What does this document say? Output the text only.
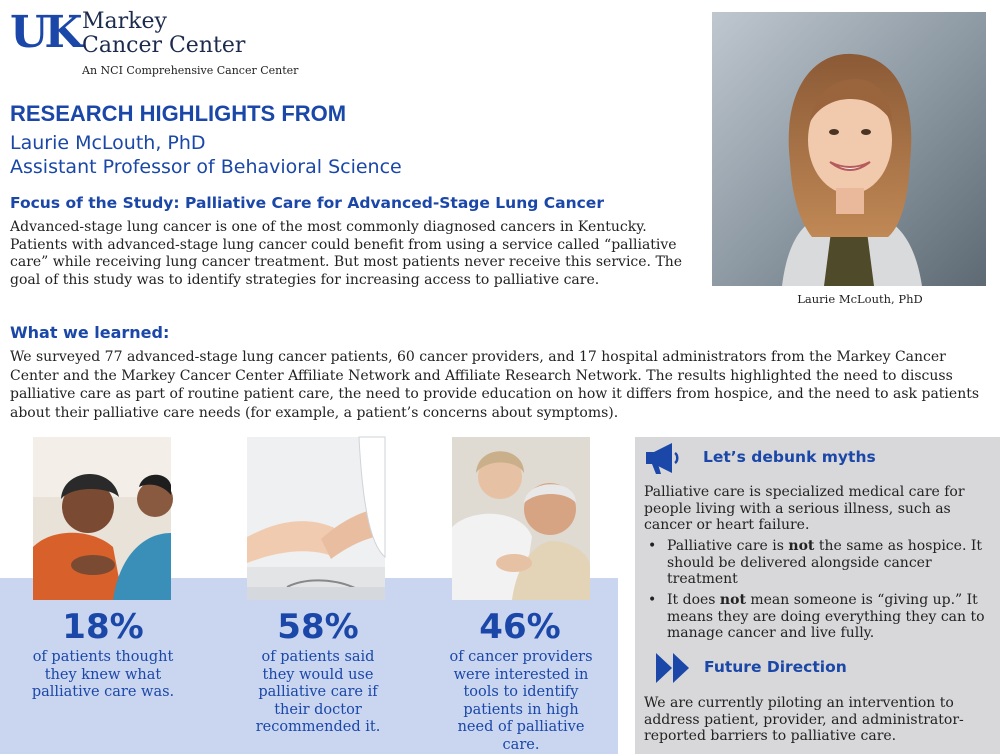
UK Markey
Cancer Center
An NCI Comprehensive Cancer Center
RESEARCH HIGHLIGHTS FROM
Laurie McLouth, PhD
Assistant Professor of Behavioral Science
Focus of the Study: Palliative Care for Advanced-Stage Lung Cancer
Advanced-stage lung cancer is one of the most commonly diagnosed cancers in Kentucky. Patients with advanced-stage lung cancer could benefit from using a service called “palliative care” while receiving lung cancer treatment. But most patients never receive this service. The goal of this study was to identify strategies for increasing access to palliative care.
What we learned:
We surveyed 77 advanced-stage lung cancer patients, 60 cancer providers, and 17 hospital administrators from the Markey Cancer Center and the Markey Cancer Center Affiliate Network and Affiliate Research Network. The results highlighted the need to discuss palliative care as part of routine patient care, the need to provide education on how it differs from hospice, and the need to ask patients about their palliative care needs (for example, a patient’s concerns about symptoms).
Laurie McLouth, PhD
18%	58%	46%
of patients thought they knew what palliative care was.
of patients said they would use palliative care if their doctor recommended it.
of cancer providers were interested in tools to identify patients in high need of palliative care.
Let’s debunk myths
Palliative care is specialized medical care for people living with a serious illness, such as cancer or heart failure.
• Palliative care is not the same as hospice. It should be delivered alongside cancer treatment
• It does not mean someone is “giving up.” It means they are doing everything they can to manage cancer and live fully.
Future Direction
We are currently piloting an intervention to address patient, provider, and administrator-reported barriers to palliative care.
